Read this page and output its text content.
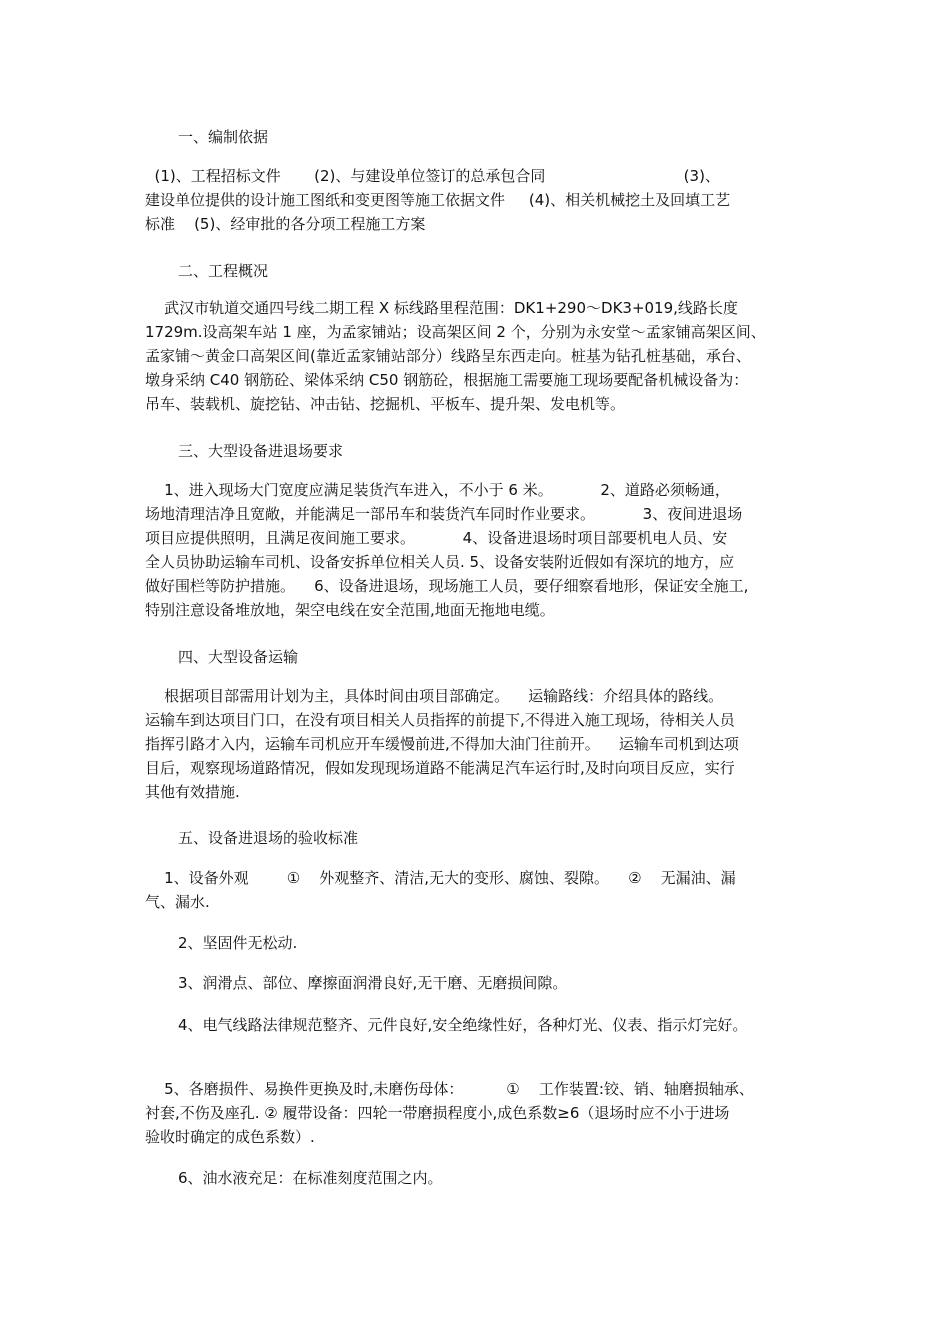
一、编制依据
(1)、工程招标文件       (2)、与建设单位签订的总承包合同                             (3)、
建设单位提供的设计施工图纸和变更图等施工依据文件     (4)、相关机械挖土及回填工艺
标准    (5)、经审批的各分项工程施工方案
二、工程概况
武汉市轨道交通四号线二期工程 X 标线路里程范围：DK1+290～DK3+019,线路长度
1729m.设高架车站 1 座，为孟家铺站；设高架区间 2 个，分别为永安堂～孟家铺高架区间、
孟家铺～黄金口高架区间(靠近孟家铺站部分）线路呈东西走向。桩基为钻孔桩基础，承台、
墩身采纳 C40 钢筋砼、梁体采纳 C50 钢筋砼，根据施工需要施工现场要配备机械设备为：
吊车、装载机、旋挖钻、冲击钻、挖掘机、平板车、提升架、发电机等。
三、大型设备进退场要求
1、进入现场大门宽度应满足装货汽车进入，不小于 6 米。          2、道路必须畅通，
场地清理洁净且宽敞，并能满足一部吊车和装货汽车同时作业要求。          3、夜间进退场
项目应提供照明，且满足夜间施工要求。          4、设备进退场时项目部要机电人员、安
全人员协助运输车司机、设备安拆单位相关人员. 5、设备安装附近假如有深坑的地方，应
做好围栏等防护措施。    6、设备进退场，现场施工人员，要仔细察看地形，保证安全施工,
特别注意设备堆放地，架空电线在安全范围,地面无拖地电缆。
四、大型设备运输
根据项目部需用计划为主，具体时间由项目部确定。    运输路线：介绍具体的路线。
运输车到达项目门口，在没有项目相关人员指挥的前提下,不得进入施工现场，待相关人员
指挥引路才入内，运输车司机应开车缓慢前进,不得加大油门往前开。    运输车司机到达项
目后，观察现场道路情况，假如发现现场道路不能满足汽车运行时,及时向项目反应，实行
其他有效措施.
五、设备进退场的验收标准
1、设备外观        ①    外观整齐、清洁,无大的变形、腐蚀、裂隙。    ②    无漏油、漏
气、漏水.
2、坚固件无松动.
3、润滑点、部位、摩擦面润滑良好,无干磨、无磨损间隙。
4、电气线路法律规范整齐、元件良好,安全绝缘性好，各种灯光、仪表、指示灯完好。
5、各磨损件、易换件更换及时,未磨伤母体：         ①    工作装置:铰、销、轴磨损轴承、
衬套,不伤及座孔. ② 履带设备：四轮一带磨损程度小,成色系数≥6（退场时应不小于进场
验收时确定的成色系数）.
6、油水液充足：在标准刻度范围之内。
